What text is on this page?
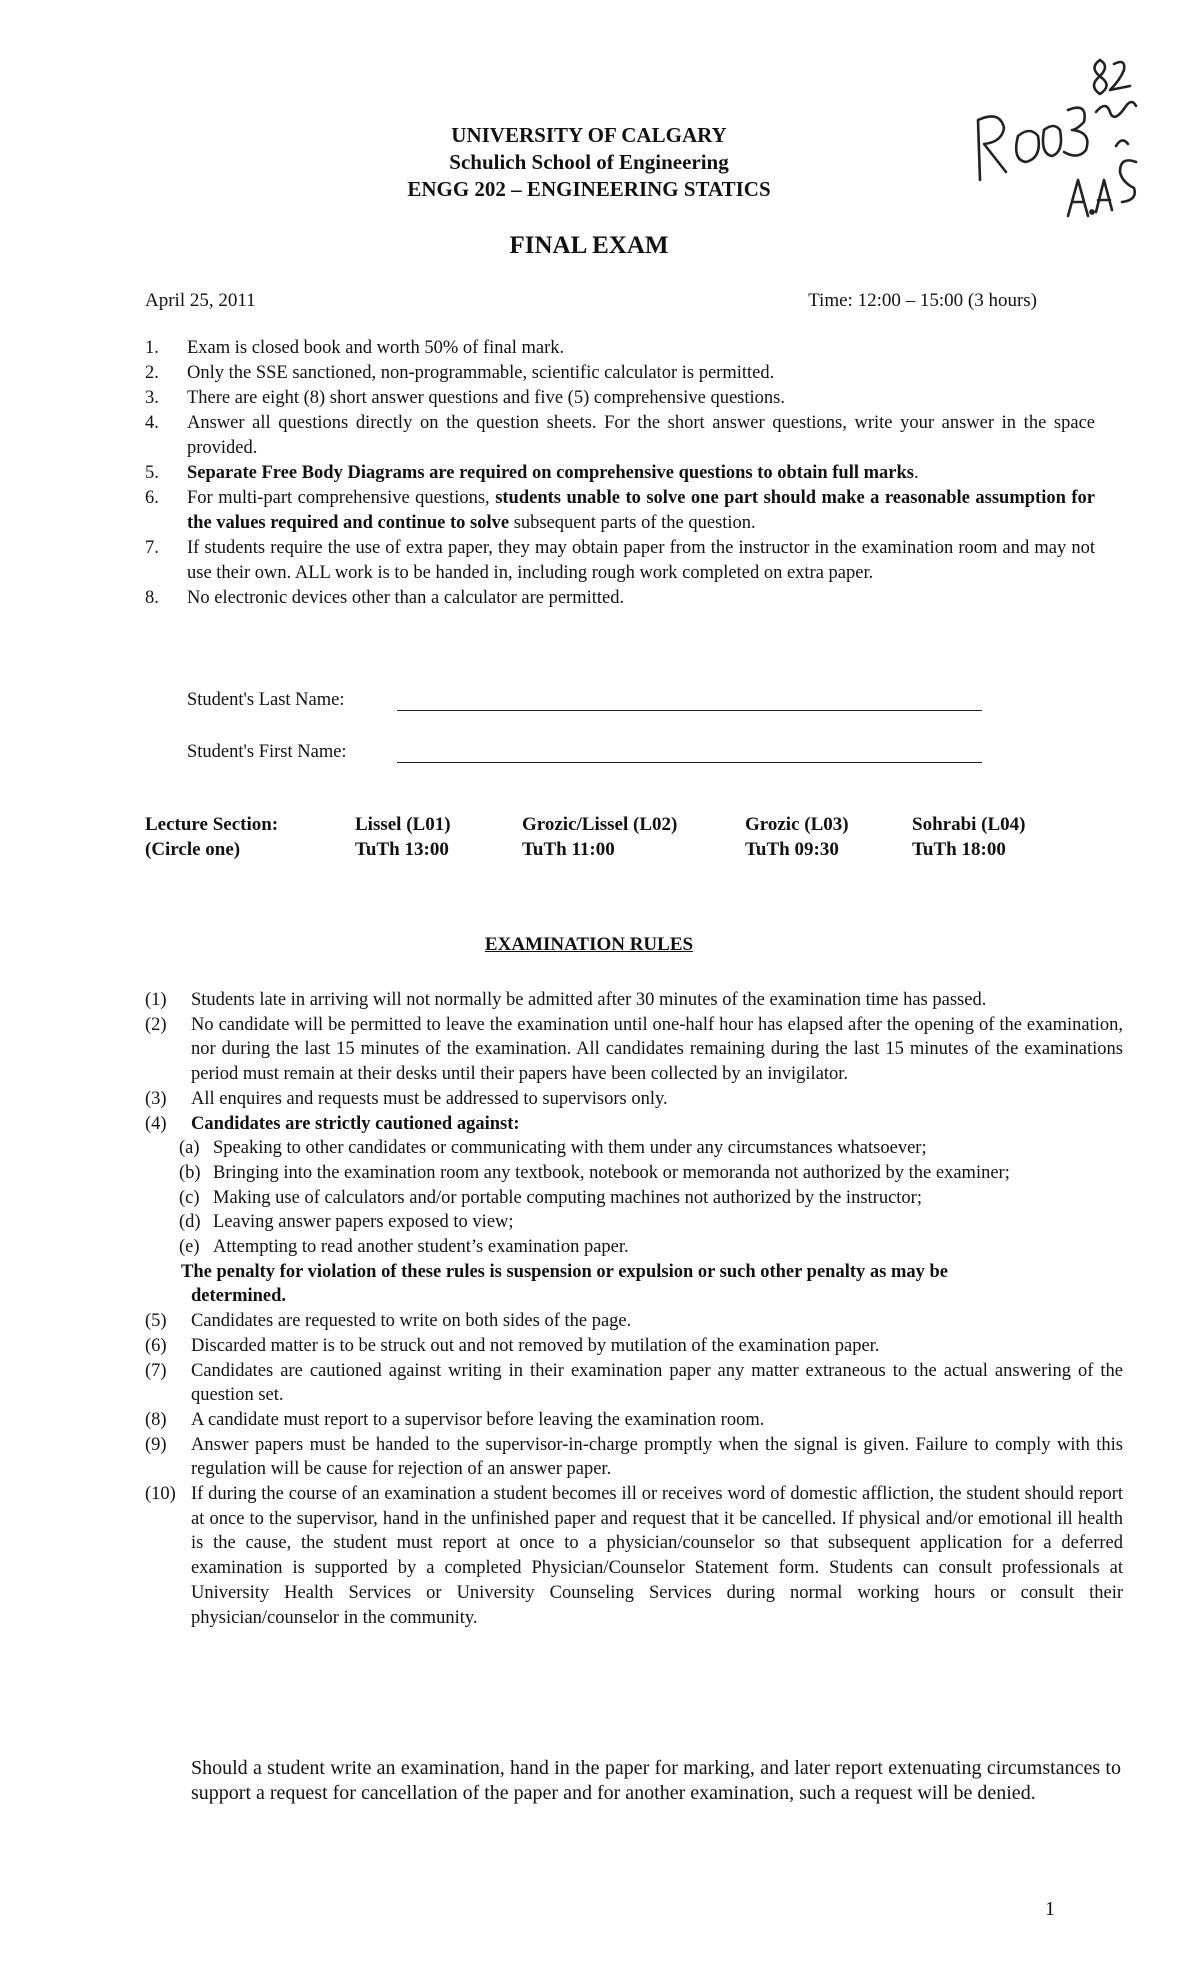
UNIVERSITY OF CALGARY
Schulich School of Engineering
ENGG 202 – ENGINEERING STATICS
FINAL EXAM
April 25, 2011	Time: 12:00 – 15:00 (3 hours)
1.	Exam is closed book and worth 50% of final mark.
2.	Only the SSE sanctioned, non-programmable, scientific calculator is permitted.
3.	There are eight (8) short answer questions and five (5) comprehensive questions.
4.	Answer all questions directly on the question sheets. For the short answer questions, write your answer in the space provided.
5.	Separate Free Body Diagrams are required on comprehensive questions to obtain full marks.
6.	For multi-part comprehensive questions, students unable to solve one part should make a reasonable assumption for the values required and continue to solve subsequent parts of the question.
7.	If students require the use of extra paper, they may obtain paper from the instructor in the examination room and may not use their own. ALL work is to be handed in, including rough work completed on extra paper.
8.	No electronic devices other than a calculator are permitted.
Student's Last Name:
Student's First Name:
Lecture Section:	Lissel (L01)	Grozic/Lissel (L02)	Grozic (L03)	Sohrabi (L04)
(Circle one)	TuTh 13:00	TuTh 11:00	TuTh 09:30	TuTh 18:00
EXAMINATION RULES
(1)	Students late in arriving will not normally be admitted after 30 minutes of the examination time has passed.
(2)	No candidate will be permitted to leave the examination until one-half hour has elapsed after the opening of the examination, nor during the last 15 minutes of the examination. All candidates remaining during the last 15 minutes of the examinations period must remain at their desks until their papers have been collected by an invigilator.
(3)	All enquires and requests must be addressed to supervisors only.
(4)	Candidates are strictly cautioned against:
(a) Speaking to other candidates or communicating with them under any circumstances whatsoever;
(b) Bringing into the examination room any textbook, notebook or memoranda not authorized by the examiner;
(c) Making use of calculators and/or portable computing machines not authorized by the instructor;
(d) Leaving answer papers exposed to view;
(e) Attempting to read another student’s examination paper.
The penalty for violation of these rules is suspension or expulsion or such other penalty as may be
determined.
(5)	Candidates are requested to write on both sides of the page.
(6)	Discarded matter is to be struck out and not removed by mutilation of the examination paper.
(7)	Candidates are cautioned against writing in their examination paper any matter extraneous to the actual answering of the question set.
(8)	A candidate must report to a supervisor before leaving the examination room.
(9)	Answer papers must be handed to the supervisor-in-charge promptly when the signal is given. Failure to comply with this regulation will be cause for rejection of an answer paper.
(10) If during the course of an examination a student becomes ill or receives word of domestic affliction, the student should report at once to the supervisor, hand in the unfinished paper and request that it be cancelled. If physical and/or emotional ill health is the cause, the student must report at once to a physician/counselor so that subsequent application for a deferred examination is supported by a completed Physician/Counselor Statement form. Students can consult professionals at University Health Services or University Counseling Services during normal working hours or consult their physician/counselor in the community.
Should a student write an examination, hand in the paper for marking, and later report extenuating circumstances to support a request for cancellation of the paper and for another examination, such a request will be denied.
1
